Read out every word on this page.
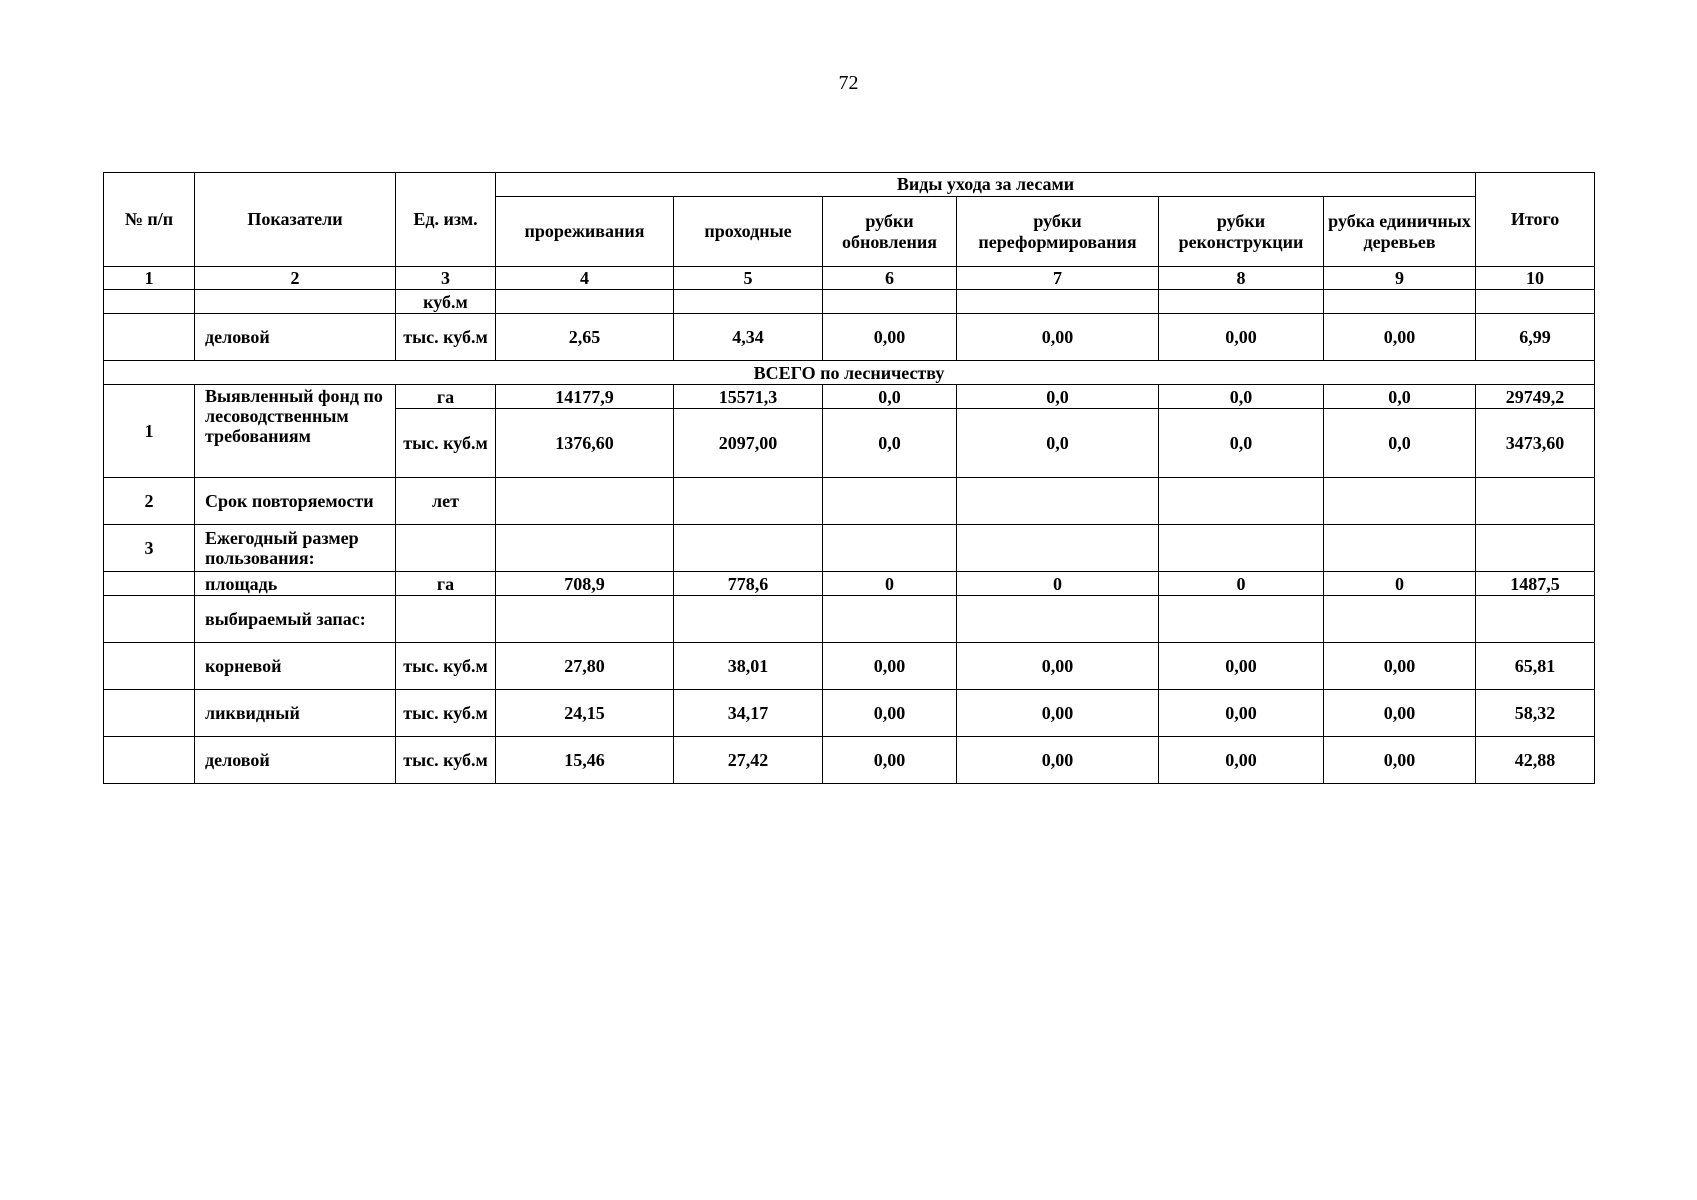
72
№ п/п	Показатели	Ед. изм.	Виды ухода за лесами						Итого
			прореживания	проходные	рубки обновления	рубки переформирования	рубки реконструкции	рубка единичных деревьев	
1	2	3	4	5	6	7	8	9	10
		куб.м							
	деловой	тыс. куб.м	2,65	4,34	0,00	0,00	0,00	0,00	6,99
ВСЕГО по лесничеству									
1	Выявленный фонд по лесоводственным требованиям	га	14177,9	15571,3	0,0	0,0	0,0	0,0	29749,2
		тыс. куб.м	1376,60	2097,00	0,0	0,0	0,0	0,0	3473,60
2	Срок повторяемости	лет							
3	Ежегодный размер пользования:								
	площадь	га	708,9	778,6	0	0	0	0	1487,5
	выбираемый запас:								
	корневой	тыс. куб.м	27,80	38,01	0,00	0,00	0,00	0,00	65,81
	ликвидный	тыс. куб.м	24,15	34,17	0,00	0,00	0,00	0,00	58,32
	деловой	тыс. куб.м	15,46	27,42	0,00	0,00	0,00	0,00	42,88
